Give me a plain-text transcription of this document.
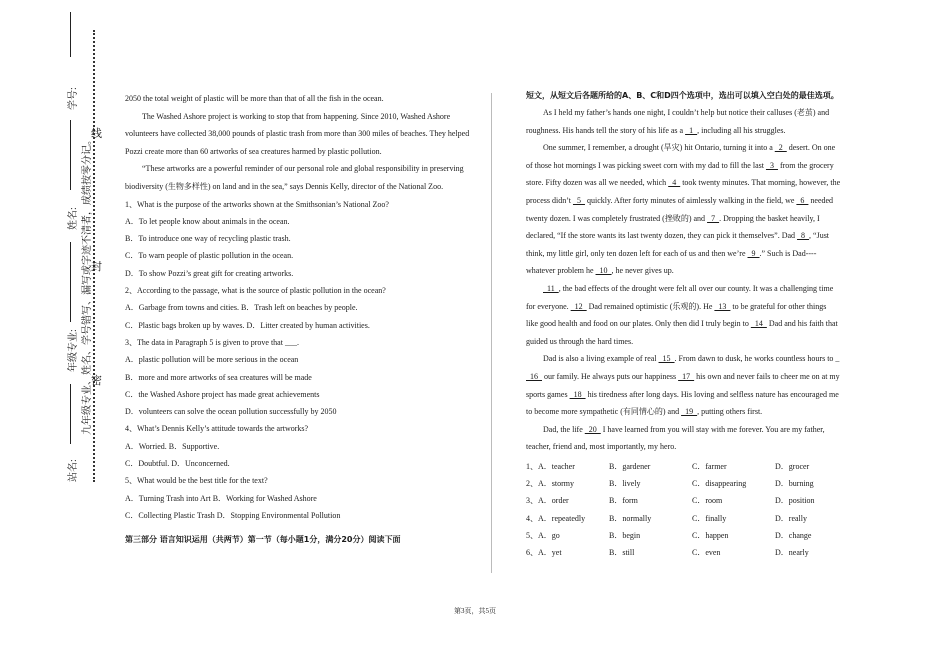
学号:
姓名:
年级专业:
站名:
九年级专业、姓名、学号错写、漏写或字迹不清者，成绩按零分记。
线
封
密

2050 the total weight of plastic will be more than that of all the fish in the ocean.

The Washed Ashore project is working to stop that from happening. Since 2010, Washed Ashore volunteers have collected 38,000 pounds of plastic trash from more than 300 miles of beaches. They helped Pozzi create more than 60 artworks of sea creatures harmed by plastic pollution.

“These artworks are a powerful reminder of our personal role and global responsibility in preserving biodiversity (生物多样性) on land and in the sea,” says Dennis Kelly, director of the National Zoo.

1、What is the purpose of the artworks shown at the Smithsonian’s National Zoo?

A．To let people know about animals in the ocean.

B．To introduce one way of recycling plastic trash.

C．To warn people of plastic pollution in the ocean.

D．To show Pozzi’s great gift for creating artworks.

2、According to the passage, what is the source of plastic pollution in the ocean?

A．Garbage from towns and cities. B．Trash left on beaches by people.

C．Plastic bags broken up by waves. D．Litter created by human activities.

3、The data in Paragraph 5 is given to prove that ___.

A．plastic pollution will be more serious in the ocean

B．more and more artworks of sea creatures will be made

C．the Washed Ashore project has made great achievements

D．volunteers can solve the ocean pollution successfully by 2050

4、What’s Dennis Kelly’s attitude towards the artworks?

A．Worried. B．Supportive.

C．Doubtful. D．Unconcerned.

5、What would be the best title for the text?

A．Turning Trash into Art B．Working for Washed Ashore

C．Collecting Plastic Trash D．Stopping Environmental Pollution

第三部分 语言知识运用（共两节）第一节（每小题1分，满分20分）阅读下面

短文，从短文后各题所给的A、B、C和D四个选项中，选出可以填入空白处的最佳选项。

As I held my father’s hands one night, I couldn’t help but notice their calluses (老茧) and

roughness. His hands tell the story of his life as a   1  , including all his struggles.

One summer, I remember, a drought (旱灾) hit Ontario, turning it into a   2   desert. On one

of those hot mornings I was picking sweet corn with my dad to fill the last   3   from the grocery

store. Fifty dozen was all we needed, which   4   took twenty minutes. That morning, however, the

process didn’t   5   quickly. After forty minutes of aimlessly walking in the field, we   6   needed

twenty dozen. I was completely frustrated (挫败的) and   7  . Dropping the basket heavily, I

declared, “If the store wants its last twenty dozen, they can pick it themselves”. Dad   8  , “Just

think, my little girl, only ten dozen left for each of us and then we’re   9  .” Such is Dad----

whatever problem he   10  , he never gives up.

11  , the bad effects of the drought were felt all over our county. It was a challenging time

for everyone.   12   Dad remained optimistic (乐观的). He   13   to be grateful for other things

like good health and food on our plates. Only then did I truly begin to   14   Dad and his faith that

guided us through the hard times.

Dad is also a living example of real   15  . From dawn to dusk, he works countless hours to _

16   our family. He always puts our happiness   17   his own and never fails to cheer me on at my

sports games   18   his tiredness after long days. His loving and selfless nature has encouraged me

to become more sympathetic (有同情心的) and   19  , putting others first.

Dad, the life   20   I have learned from you will stay with me forever. You are my father,

teacher, friend and, most importantly, my hero.

1、A．teacher	B．gardener	C．farmer	D．grocer
2、A．stormy	B．lively	C．disappearing	D．burning
3、A．order	B．form	C．room	D．position
4、A．repeatedly	B．normally	C．finally	D．really
5、A．go	B．begin	C．happen	D．change
6、A．yet	B．still	C．even	D．nearly
第3页，共5页
